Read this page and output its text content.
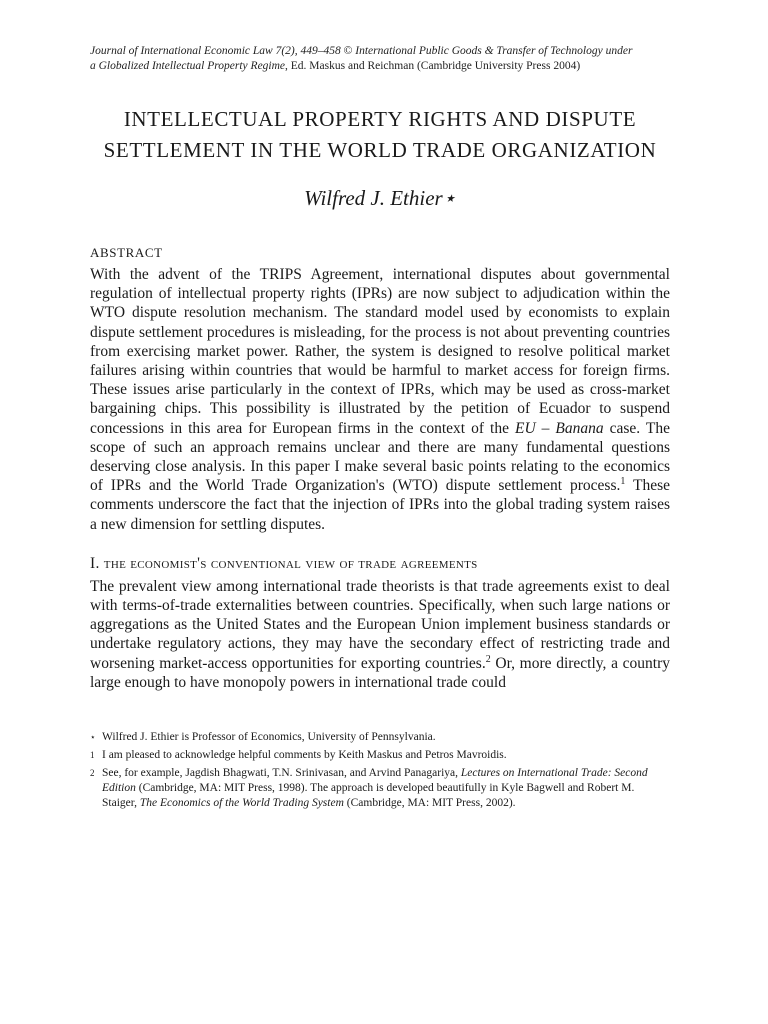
Journal of International Economic Law 7(2), 449–458 © International Public Goods & Transfer of Technology under
a Globalized Intellectual Property Regime, Ed. Maskus and Reichman (Cambridge University Press 2004)

INTELLECTUAL PROPERTY RIGHTS AND DISPUTE SETTLEMENT IN THE WORLD TRADE ORGANIZATION

Wilfred J. Ethier⋆

ABSTRACT

With the advent of the TRIPS Agreement, international disputes about governmental regulation of intellectual property rights (IPRs) are now subject to adjudication within the WTO dispute resolution mechanism. The standard model used by economists to explain dispute settlement procedures is misleading, for the process is not about preventing countries from exercising market power. Rather, the system is designed to resolve political market failures arising within countries that would be harmful to market access for foreign firms. These issues arise particularly in the context of IPRs, which may be used as cross-market bargaining chips. This possibility is illustrated by the petition of Ecuador to suspend concessions in this area for European firms in the context of the EU – Banana case. The scope of such an approach remains unclear and there are many fundamental questions deserving close analysis. In this paper I make several basic points relating to the economics of IPRs and the World Trade Organization's (WTO) dispute settlement process.$^1$ These comments underscore the fact that the injection of IPRs into the global trading system raises a new dimension for settling disputes.

I. the economist's conventional view of trade agreements

The prevalent view among international trade theorists is that trade agreements exist to deal with terms-of-trade externalities between countries. Specifically, when such large nations or aggregations as the United States and the European Union implement business standards or undertake regulatory actions, they may have the secondary effect of restricting trade and worsening market-access opportunities for exporting countries.$^2$ Or, more directly, a country large enough to have monopoly powers in international trade could

⋆ Wilfred J. Ethier is Professor of Economics, University of Pennsylvania.

1 I am pleased to acknowledge helpful comments by Keith Maskus and Petros Mavroidis.

2 See, for example, Jagdish Bhagwati, T.N. Srinivasan, and Arvind Panagariya, Lectures on International Trade: Second Edition (Cambridge, MA: MIT Press, 1998). The approach is developed beautifully in Kyle Bagwell and Robert M. Staiger, The Economics of the World Trading System (Cambridge, MA: MIT Press, 2002).
